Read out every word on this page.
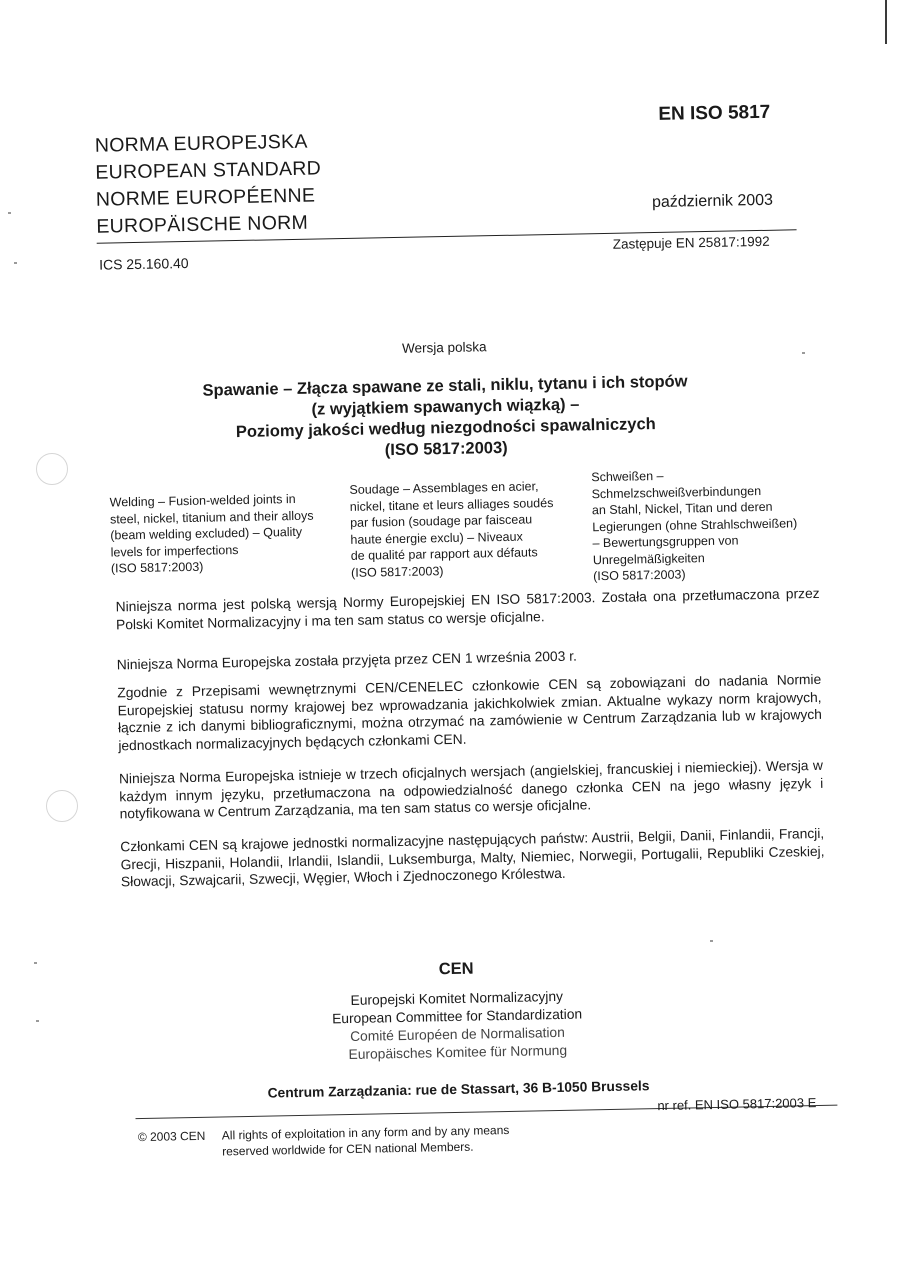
NORMA EUROPEJSKA
EUROPEAN STANDARD
NORME EUROPÉENNE
EUROPÄISCHE NORM
EN ISO 5817
październik 2003
ICS 25.160.40
Zastępuje EN 25817:1992
Wersja polska
Spawanie – Złącza spawane ze stali, niklu, tytanu i ich stopów
(z wyjątkiem spawanych wiązką) –
Poziomy jakości według niezgodności spawalniczych
(ISO 5817:2003)
Welding – Fusion-welded joints in
steel, nickel, titanium and their alloys
(beam welding excluded) – Quality
levels for imperfections
(ISO 5817:2003)
Soudage – Assemblages en acier,
nickel, titane et leurs alliages soudés
par fusion (soudage par faisceau
haute énergie exclu) – Niveaux
de qualité par rapport aux défauts
(ISO 5817:2003)
Schweißen –
Schmelzschweißverbindungen
an Stahl, Nickel, Titan und deren
Legierungen (ohne Strahlschweißen)
– Bewertungsgruppen von
Unregelmäßigkeiten
(ISO 5817:2003)

Niniejsza norma jest polską wersją Normy Europejskiej EN ISO 5817:2003. Została ona przetłumaczona przez Polski Komitet Normalizacyjny i ma ten sam status co wersje oficjalne.

Niniejsza Norma Europejska została przyjęta przez CEN 1 września 2003 r.

Zgodnie z Przepisami wewnętrznymi CEN/CENELEC członkowie CEN są zobowiązani do nadania Normie Europejskiej statusu normy krajowej bez wprowadzania jakichkolwiek zmian. Aktualne wykazy norm krajowych, łącznie z ich danymi bibliograficznymi, można otrzymać na zamówienie w Centrum Zarządzania lub w krajowych jednostkach normalizacyjnych będących członkami CEN.

Niniejsza Norma Europejska istnieje w trzech oficjalnych wersjach (angielskiej, francuskiej i niemieckiej). Wersja w każdym innym języku, przetłumaczona na odpowiedzialność danego członka CEN na jego własny język i notyfikowana w Centrum Zarządzania, ma ten sam status co wersje oficjalne.

Członkami CEN są krajowe jednostki normalizacyjne następujących państw: Austrii, Belgii, Danii, Finlandii, Francji, Grecji, Hiszpanii, Holandii, Irlandii, Islandii, Luksemburga, Malty, Niemiec, Norwegii, Portugalii, Republiki Czeskiej, Słowacji, Szwajcarii, Szwecji, Węgier, Włoch i Zjednoczonego Królestwa.

CEN
Europejski Komitet Normalizacyjny
European Committee for Standardization
Comité Européen de Normalisation
Europäisches Komitee für Normung
Centrum Zarządzania: rue de Stassart, 36 B-1050 Brussels
© 2003 CEN All rights of exploitation in any form and by any means reserved worldwide for CEN national Members.
nr ref. EN ISO 5817:2003 E
